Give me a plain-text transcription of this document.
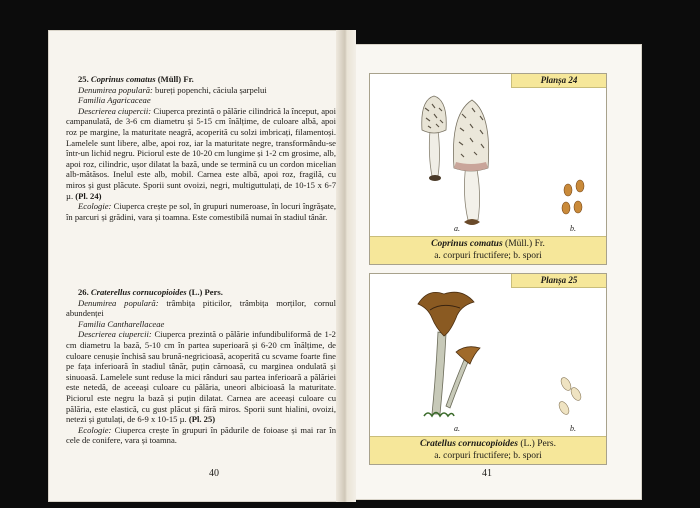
25. Coprinus comatus (Müll) Fr.

Denumirea populară: bureți popenchi, căciula șarpelui

Familia Agaricaceae

Descrierea ciupercii: Ciuperca prezintă o pălărie cilindrică la început, apoi campanulată, de 3-6 cm diametru și 5-15 cm înălțime, de culoare albă, apoi roz pe margine, la maturitate neagră, acoperită cu solzi imbricați, filamentoși. Lamelele sunt libere, albe, apoi roz, iar la maturitate negre, transformându-se într-un lichid negru. Piciorul este de 10-20 cm lungime și 1-2 cm grosime, alb, apoi roz, cilindric, ușor dilatat la bază, unde se termină cu un cordon micelian alb-mătăsos. Inelul este alb, mobil. Carnea este albă, apoi roz, fragilă, cu miros și gust plăcute. Sporii sunt ovoizi, negri, multiguttulați, de 10-15 x 6-7 µ. (Pl. 24)

Ecologie: Ciuperca crește pe sol, în grupuri numeroase, în locuri îngrășate, în parcuri și grădini, vara și toamna. Este comestibilă numai în stadiul tânăr.

26. Craterellus cornucopioides (L.) Pers.

Denumirea populară: trâmbița piticilor, trâmbița morților, cornul abundenței

Familia Cantharellaceae

Descrierea ciupercii: Ciuperca prezintă o pălărie infundibuliformă de 1-2 cm diametru la bază, 5-10 cm în partea superioară și 6-20 cm înălțime, de culoare cenușie închisă sau brună-negricioasă, acoperită cu scvame foarte fine pe fața inferioară în stadiul tânăr, puțin cărnoasă, cu marginea ondulată și sinuoasă. Lamelele sunt reduse la mici rânduri sau partea inferioară a pălăriei este netedă, de aceeași culoare cu pălăria, uneori albicioasă la maturitate. Piciorul este negru la bază și puțin dilatat. Carnea are aceeași culoare cu pălăria, este elastică, cu gust plăcut și fără miros. Sporii sunt hialini, ovoizi, netezi și gutulați, de 6-9 x 10-15 µ. (Pl. 25)

Ecologie: Ciuperca crește în grupuri în pădurile de foioase și mai rar în cele de conifere, vara și toamna.

40	41
Planșa 24
a.	b.
Coprinus comatus (Müll.) Fr.
a. corpuri fructifere; b. spori
Planșa 25
a.	b.
Cratellus cornucopioides (L.) Pers.
a. corpuri fructifere; b. spori
